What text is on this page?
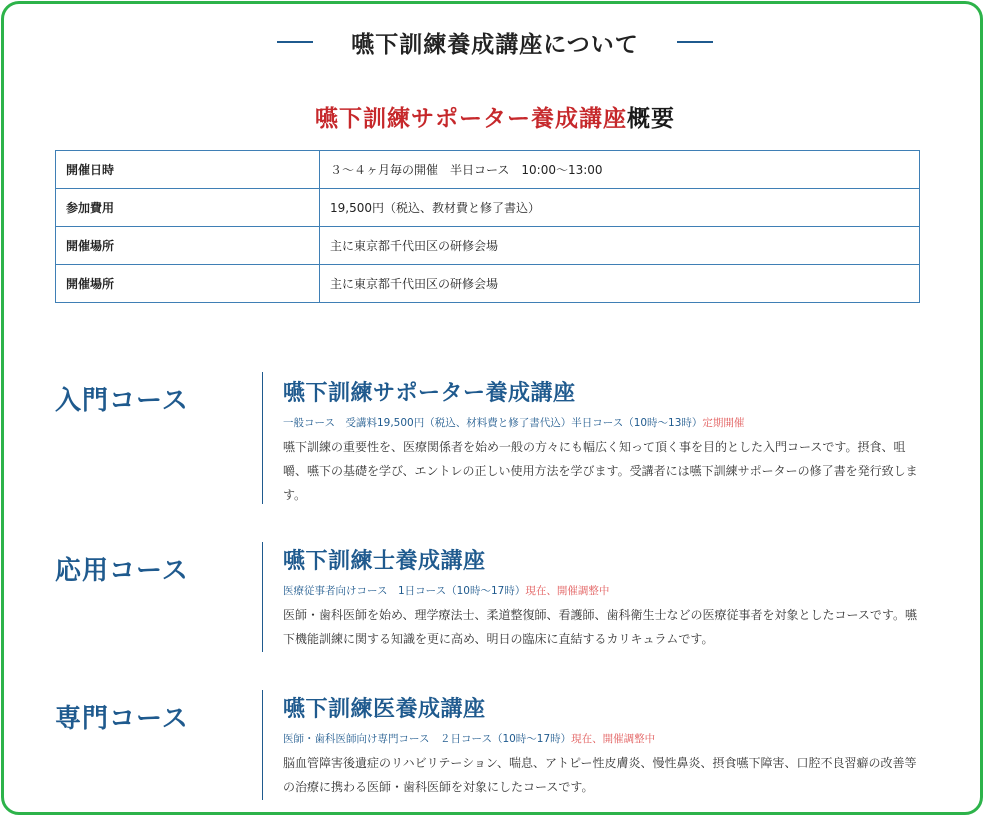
嚥下訓練養成講座について
嚥下訓練サポーター養成講座概要
開催日時	３～４ヶ月毎の開催　半日コース　10:00～13:00
参加費用	19,500円（税込、教材費と修了書込）
開催場所	主に東京都千代田区の研修会場
開催場所	主に東京都千代田区の研修会場
入門コース	嚥下訓練サポーター養成講座

一般コース　受講料19,500円（税込、材料費と修了書代込）半日コース（10時～13時）定期開催

嚥下訓練の重要性を、医療関係者を始め一般の方々にも幅広く知って頂く事を目的とした入門コースです。摂食、咀嚼、嚥下の基礎を学び、エントレの正しい使用方法を学びます。受講者には嚥下訓練サポーターの修了書を発行致します。

応用コース	嚥下訓練士養成講座

医療従事者向けコース　1日コース（10時～17時）現在、開催調整中

医師・歯科医師を始め、理学療法士、柔道整復師、看護師、歯科衛生士などの医療従事者を対象としたコースです。嚥下機能訓練に関する知識を更に高め、明日の臨床に直結するカリキュラムです。

専門コース	嚥下訓練医養成講座

医師・歯科医師向け専門コース　２日コース（10時～17時）現在、開催調整中

脳血管障害後遺症のリハビリテーション、喘息、アトピー性皮膚炎、慢性鼻炎、摂食嚥下障害、口腔不良習癖の改善等の治療に携わる医師・歯科医師を対象にしたコースです。
